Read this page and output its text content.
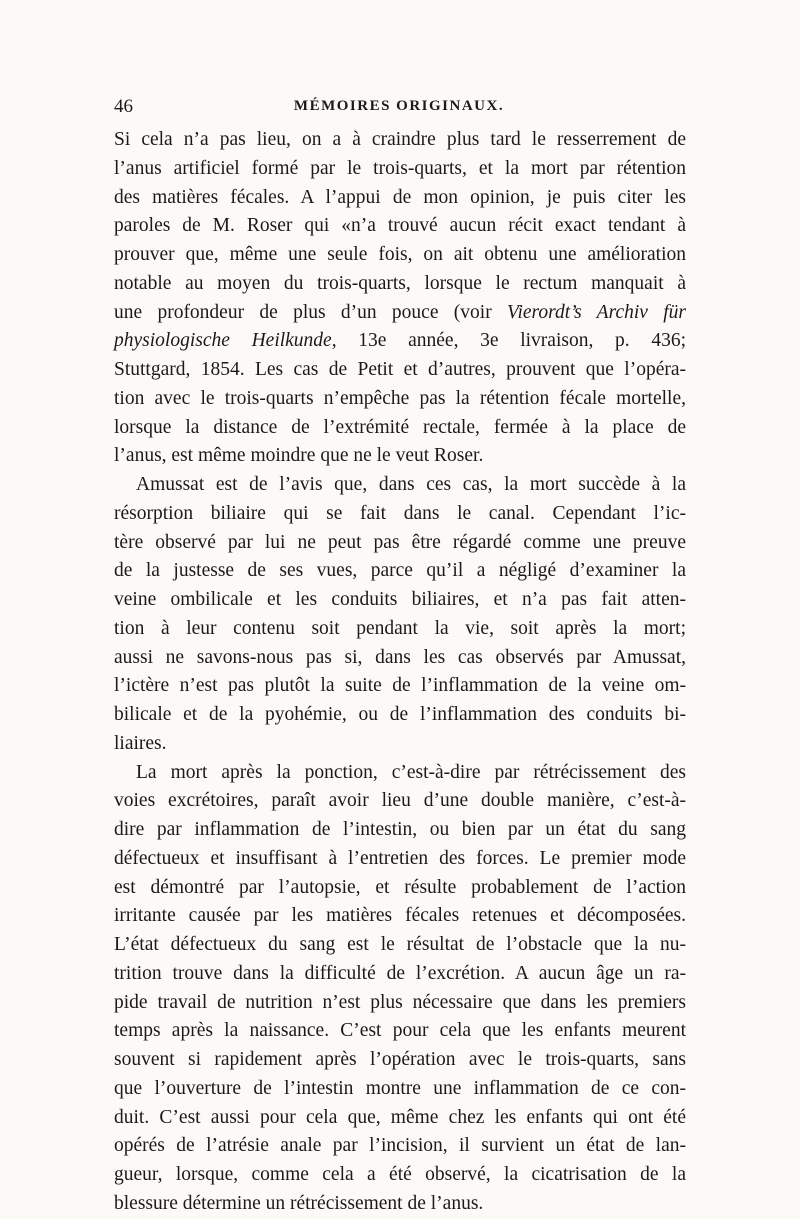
46	MÉMOIRES ORIGINAUX.
Si cela n’a pas lieu, on a à craindre plus tard le resserrement de
l’anus artificiel formé par le trois-quarts, et la mort par rétention
des matières fécales. A l’appui de mon opinion, je puis citer les
paroles de M. Roser qui «n’a trouvé aucun récit exact tendant à
prouver que, même une seule fois, on ait obtenu une amélioration
notable au moyen du trois-quarts, lorsque le rectum manquait à
une profondeur de plus d’un pouce (voir Vierordt’s Archiv für
physiologische Heilkunde, 13e année, 3e livraison, p. 436;
Stuttgard, 1854. Les cas de Petit et d’autres, prouvent que l’opéra-
tion avec le trois-quarts n’empêche pas la rétention fécale mortelle,
lorsque la distance de l’extrémité rectale, fermée à la place de
l’anus, est même moindre que ne le veut Roser.
Amussat est de l’avis que, dans ces cas, la mort succède à la
résorption biliaire qui se fait dans le canal. Cependant l’ic-
tère observé par lui ne peut pas être régardé comme une preuve
de la justesse de ses vues, parce qu’il a négligé d’examiner la
veine ombilicale et les conduits biliaires, et n’a pas fait atten-
tion à leur contenu soit pendant la vie, soit après la mort;
aussi ne savons-nous pas si, dans les cas observés par Amussat,
l’ictère n’est pas plutôt la suite de l’inflammation de la veine om-
bilicale et de la pyohémie, ou de l’inflammation des conduits bi-
liaires.
La mort après la ponction, c’est-à-dire par rétrécissement des
voies excrétoires, paraît avoir lieu d’une double manière, c’est-à-
dire par inflammation de l’intestin, ou bien par un état du sang
défectueux et insuffisant à l’entretien des forces. Le premier mode
est démontré par l’autopsie, et résulte probablement de l’action
irritante causée par les matières fécales retenues et décomposées.
L’état défectueux du sang est le résultat de l’obstacle que la nu-
trition trouve dans la difficulté de l’excrétion. A aucun âge un ra-
pide travail de nutrition n’est plus nécessaire que dans les premiers
temps après la naissance. C’est pour cela que les enfants meurent
souvent si rapidement après l’opération avec le trois-quarts, sans
que l’ouverture de l’intestin montre une inflammation de ce con-
duit. C’est aussi pour cela que, même chez les enfants qui ont été
opérés de l’atrésie anale par l’incision, il survient un état de lan-
gueur, lorsque, comme cela a été observé, la cicatrisation de la
blessure détermine un rétrécissement de l’anus.
